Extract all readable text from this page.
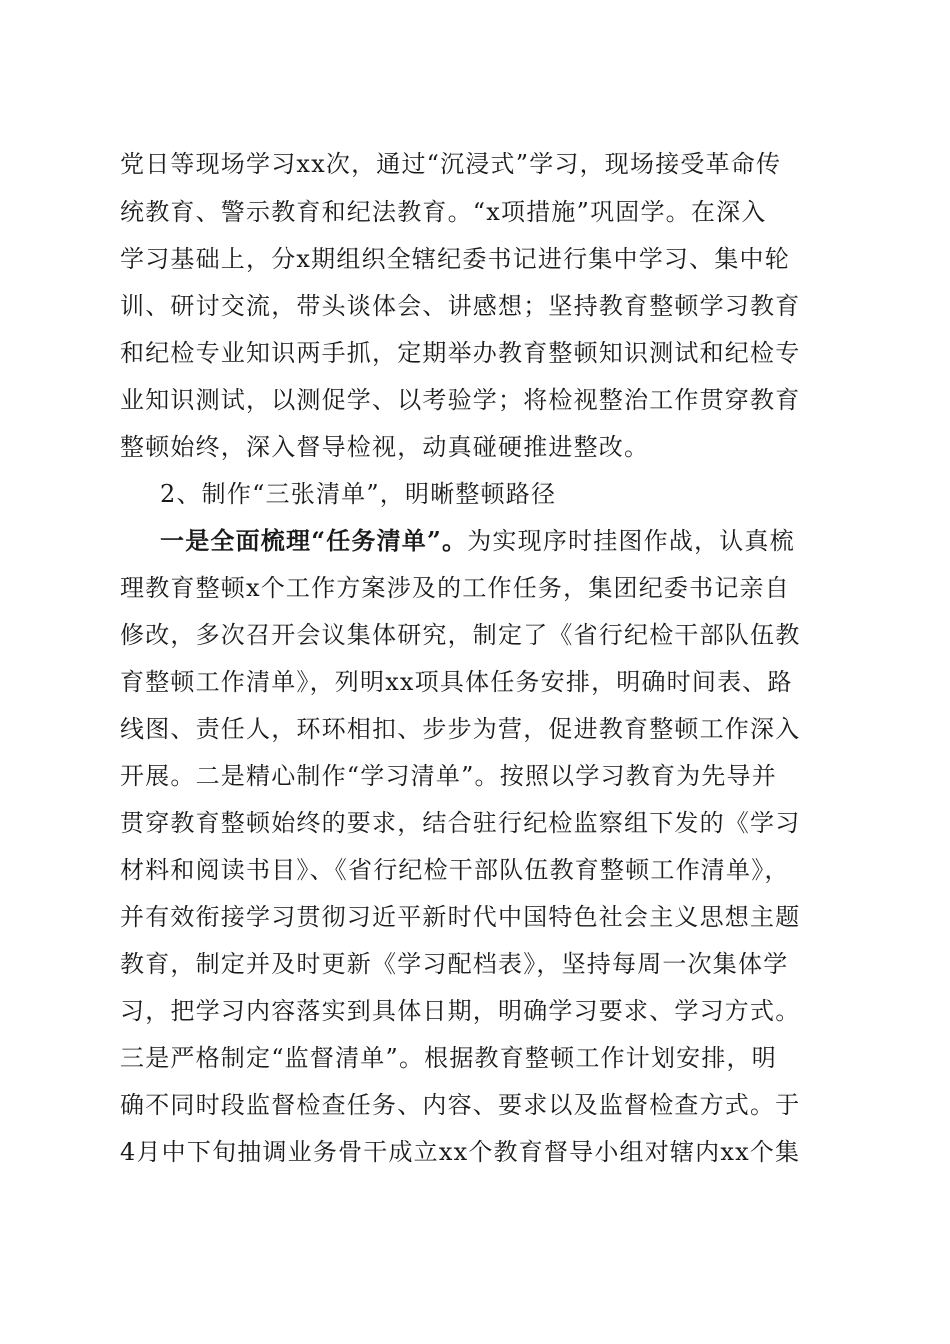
党日等现场学习xx次，通过“沉浸式”学习，现场接受革命传
统教育、警示教育和纪法教育。“x项措施”巩固学。在深入
学习基础上，分x期组织全辖纪委书记进行集中学习、集中轮
训、研讨交流，带头谈体会、讲感想；坚持教育整顿学习教育
和纪检专业知识两手抓，定期举办教育整顿知识测试和纪检专
业知识测试，以测促学、以考验学；将检视整治工作贯穿教育
整顿始终，深入督导检视，动真碰硬推进整改。
2、制作“三张清单”，明晰整顿路径
一是全面梳理“任务清单”。为实现序时挂图作战，认真梳
理教育整顿x个工作方案涉及的工作任务，集团纪委书记亲自
修改，多次召开会议集体研究，制定了《省行纪检干部队伍教
育整顿工作清单》，列明xx项具体任务安排，明确时间表、路
线图、责任人，环环相扣、步步为营，促进教育整顿工作深入
开展。二是精心制作“学习清单”。按照以学习教育为先导并
贯穿教育整顿始终的要求，结合驻行纪检监察组下发的《学习
材料和阅读书目》、《省行纪检干部队伍教育整顿工作清单》，
并有效衔接学习贯彻习近平新时代中国特色社会主义思想主题
教育，制定并及时更新《学习配档表》，坚持每周一次集体学
习，把学习内容落实到具体日期，明确学习要求、学习方式。
三是严格制定“监督清单”。根据教育整顿工作计划安排，明
确不同时段监督检查任务、内容、要求以及监督检查方式。于
4月中下旬抽调业务骨干成立xx个教育督导小组对辖内xx个集
